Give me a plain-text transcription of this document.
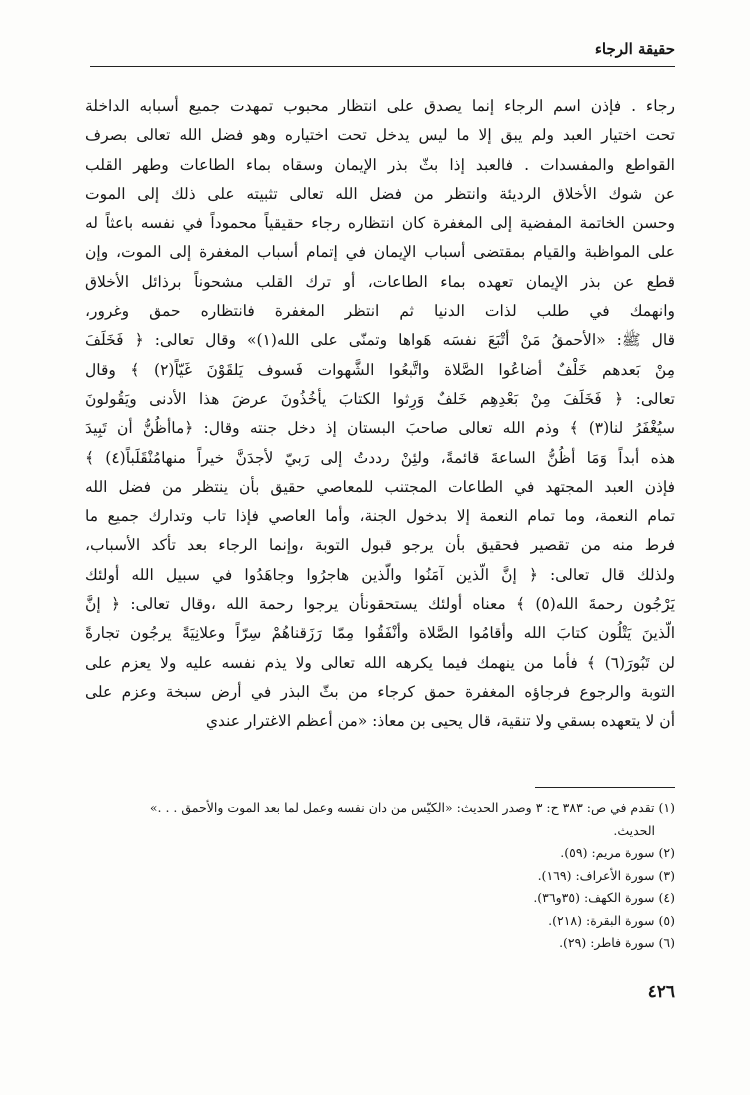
حقيقة الرجاء
رجاء . فإذن اسم الرجاء إنما يصدق على انتظار محبوب تمهدت جميع أسبابه الداخلة
تحت اختيار العبد ولم يبق إلا ما ليس يدخل تحت اختياره وهو فضل الله تعالى بصرف
القواطع والمفسدات . فالعبد إذا بثّ بذر الإيمان وسقاه بماء الطاعات وطهر القلب
عن شوك الأخلاق الرديئة وانتظر من فضل الله تعالى تثبيته على ذلك إلى الموت
وحسن الخاتمة المفضية إلى المغفرة كان انتظاره رجاء حقيقياً محموداً في نفسه باعثاً له
على المواظبة والقيام بمقتضى أسباب الإيمان في إتمام أسباب المغفرة إلى الموت، وإن
قطع عن بذر الإيمان تعهده بماء الطاعات، أو ترك القلب مشحوناً برذائل الأخلاق
وانهمك في طلب لذات الدنيا ثم انتظر المغفرة فانتظاره حمق وغرور،
قال ﷺ: «الأحمقُ مَنْ أتْبَعَ نفسَه هَواها وتمنّى على الله(١)» وقال تعالى: ﴿ فَخَلَفَ
مِنْ بَعدهم خَلْفٌ أضاعُوا الصَّلاة واتَّبعُوا الشَّهوات فَسوف يَلقَوْنَ غَيّاً(٢) ﴾ وقال
تعالى: ﴿ فَخَلَفَ مِنْ بَعْدِهِم خَلفٌ وَرِثوا الكتابَ يأخُذُونَ عرضَ هذا الأدنى ويَقُولونَ
سيُغْفَرُ لنا(٣) ﴾ وذم الله تعالى صاحبَ البستان إذ دخل جنته وقال: ﴿ماأظُنُّ أن تَبِيدَ
هذه أبداً وَمَا أظُنُّ الساعةَ قائمةً، ولئِنْ رددتُ إلى رَبيّ لأجدَنَّ خيراً منهامُنْقَلَباً(٤) ﴾
فإذن العبد المجتهد في الطاعات المجتنب للمعاصي حقيق بأن ينتظر من فضل الله
تمام النعمة، وما تمام النعمة إلا بدخول الجنة، وأما العاصي فإذا تاب وتدارك جميع ما
فرط منه من تقصير فحقيق بأن يرجو قبول التوبة ،وإنما الرجاء بعد تأكد الأسباب،
ولذلك قال تعالى: ﴿ إنَّ الّذين آمَنُوا والّذين هاجرُوا وجاهَدُوا في سبيل الله أولئك
يَرْجُون رحمةَ الله(٥) ﴾ معناه أولئك يستحقونأن يرجوا رحمة الله ،وقال تعالى: ﴿ إنَّ
الّذينَ يَتْلُون كتابَ الله وأقامُوا الصَّلاة وأنْفَقُوا مِمّا رَزَقناهُمْ سِرّاً وعلانِيَةً يرجُون تجارةً
لن تَبُورَ(٦) ﴾ فأما من ينهمك فيما يكرهه الله تعالى ولا يذم نفسه عليه ولا يعزم على
التوبة والرجوع فرجاؤه المغفرة حمق كرجاء من بثّ البذر في أرض سبخة وعزم على
أن لا يتعهده بسقي ولا تنقية، قال يحيى بن معاذ: «من أعظم الاغترار عندي
(١) تقدم في ص: ٣٨٣ ح: ٣ وصدر الحديث: «الكيّس من دان نفسه وعمل لما بعد الموت والأحمق . . .»
الحديث.
(٢) سورة مريم: (٥٩).
(٣) سورة الأعراف: (١٦٩).
(٤) سورة الكهف: (٣٥و٣٦).
(٥) سورة البقرة: (٢١٨).
(٦) سورة فاطر: (٢٩).
٤٢٦
